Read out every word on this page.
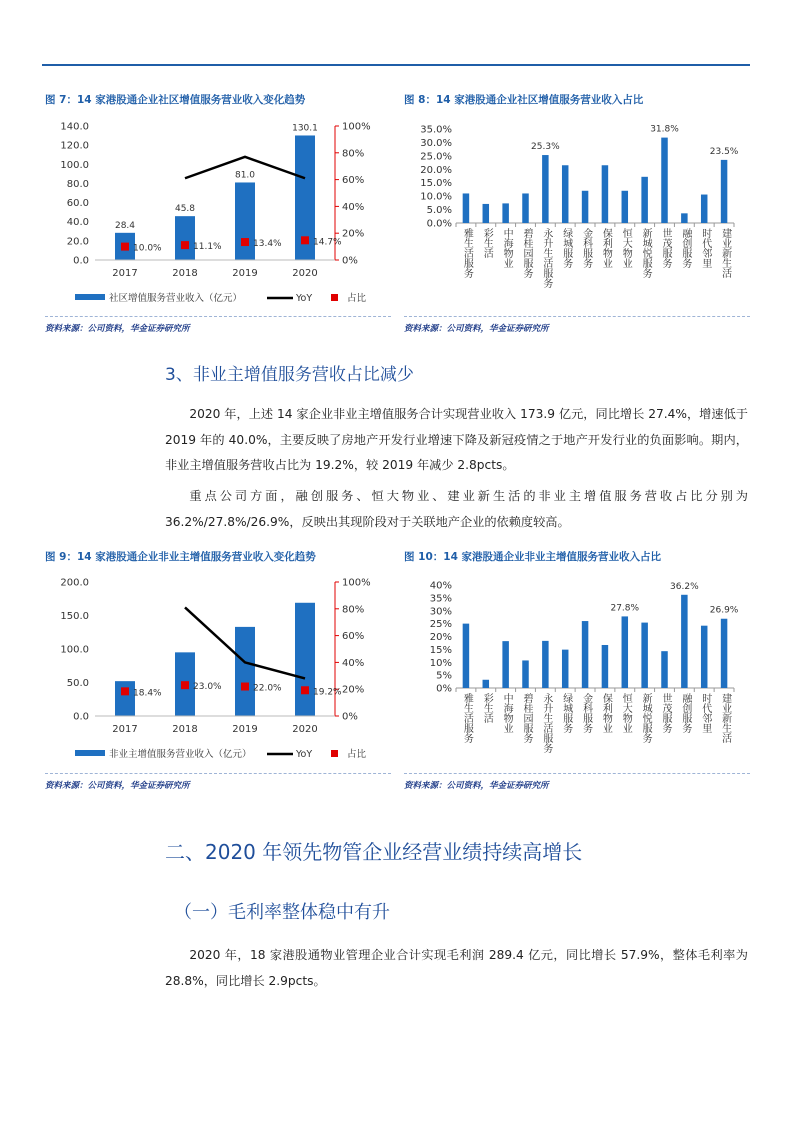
图 7：14 家港股通企业社区增值服务营业收入变化趋势
140.0
120.0
100.0
80.0
60.0
40.0
20.0
0.0
100%
80%
60%
40%
20%
0%
28.4
45.8
81.0
130.1
10.0%	11.1%	13.4%	14.7%
2017	2018	2019	2020
社区增值服务营业收入（亿元）	YoY	占比
资料来源：公司资料，华金证券研究所
图 8：14 家港股通企业社区增值服务营业收入占比
35.0%
30.0%
25.0%
20.0%
15.0%
10.0%
5.0%
0.0%
雅生活服务
彩生活
中海物业
碧桂园服务
25.3%
永升生活服务
绿城服务
金科服务
保利物业
恒大物业
新城悦服务
31.8%
世茂服务
融创服务
时代邻里
23.5%
建业新生活
资料来源：公司资料，华金证券研究所
3、非业主增值服务营收占比减少
2020 年，上述 14 家企业非业主增值服务合计实现营业收入 173.9 亿元，同比增长 27.4%，增速低于 2019 年的 40.0%，主要反映了房地产开发行业增速下降及新冠疫情之于地产开发行业的负面影响。期内，非业主增值服务营收占比为 19.2%，较 2019 年减少 2.8pcts。
重点公司方面，融创服务、恒大物业、建业新生活的非业主增值服务营收占比分别为 36.2%/27.8%/26.9%，反映出其现阶段对于关联地产企业的依赖度较高。
图 9：14 家港股通企业非业主增值服务营业收入变化趋势
200.0
150.0
100.0
50.0
0.0
100%
80%
60%
40%
20%
0%
18.4%
23.0%	22.0%	19.2%
2017	2018	2019	2020
非业主增值服务营业收入（亿元）	YoY	占比
资料来源：公司资料，华金证券研究所
图 10：14 家港股通企业非业主增值服务营业收入占比
40%
35%
30%
25%
20%
15%
10%
5%
0%
雅生活服务
彩生活
中海物业
碧桂园服务
永升生活服务
绿城服务
金科服务
保利物业
27.8%
恒大物业
新城悦服务
世茂服务
36.2%
融创服务
时代邻里
26.9%
建业新生活
资料来源：公司资料，华金证券研究所
二、2020 年领先物管企业经营业绩持续高增长
（一）毛利率整体稳中有升
2020 年，18 家港股通物业管理企业合计实现毛利润 289.4 亿元，同比增长 57.9%，整体毛利率为 28.8%，同比增长 2.9pcts。
